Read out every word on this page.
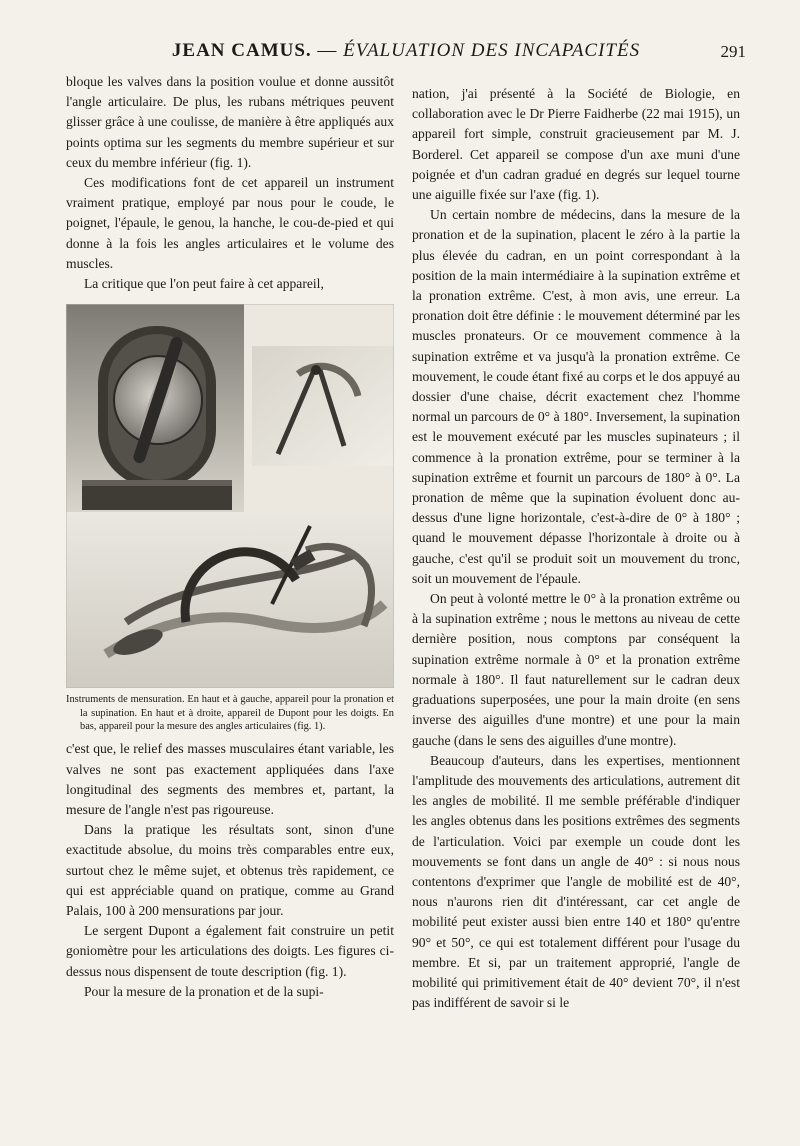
JEAN CAMUS. — ÉVALUATION DES INCAPACITÉS	291

bloque les valves dans la position voulue et donne aussitôt l'angle articulaire. De plus, les rubans métriques peuvent glisser grâce à une coulisse, de manière à être appliqués aux points optima sur les segments du membre supérieur et sur ceux du membre inférieur (fig. 1).

Ces modifications font de cet appareil un instrument vraiment pratique, employé par nous pour le coude, le poignet, l'épaule, le genou, la hanche, le cou-de-pied et qui donne à la fois les angles articulaires et le volume des muscles.

La critique que l'on peut faire à cet appareil,

Instruments de mensuration. En haut et à gauche, appareil pour la pronation et la supination. En haut et à droite, appareil de Dupont pour les doigts. En bas, appareil pour la mesure des angles articulaires (fig. 1).

c'est que, le relief des masses musculaires étant variable, les valves ne sont pas exactement appliquées dans l'axe longitudinal des segments des membres et, partant, la mesure de l'angle n'est pas rigoureuse.

Dans la pratique les résultats sont, sinon d'une exactitude absolue, du moins très comparables entre eux, surtout chez le même sujet, et obtenus très rapidement, ce qui est appréciable quand on pratique, comme au Grand Palais, 100 à 200 mensurations par jour.

Le sergent Dupont a également fait construire un petit goniomètre pour les articulations des doigts. Les figures ci-dessus nous dispensent de toute description (fig. 1).

Pour la mesure de la pronation et de la supi-

nation, j'ai présenté à la Société de Biologie, en collaboration avec le Dr Pierre Faidherbe (22 mai 1915), un appareil fort simple, construit gracieusement par M. J. Borderel. Cet appareil se compose d'un axe muni d'une poignée et d'un cadran gradué en degrés sur lequel tourne une aiguille fixée sur l'axe (fig. 1).

Un certain nombre de médecins, dans la mesure de la pronation et de la supination, placent le zéro à la partie la plus élevée du cadran, en un point correspondant à la position de la main intermédiaire à la supination extrême et la pronation extrême. C'est, à mon avis, une erreur. La pronation doit être définie : le mouvement déterminé par les muscles pronateurs. Or ce mouvement commence à la supination extrême et va jusqu'à la pronation extrême. Ce mouvement, le coude étant fixé au corps et le dos appuyé au dossier d'une chaise, décrit exactement chez l'homme normal un parcours de 0° à 180°. Inversement, la supination est le mouvement exécuté par les muscles supinateurs ; il commence à la pronation extrême, pour se terminer à la supination extrême et fournit un parcours de 180° à 0°. La pronation de même que la supination évoluent donc au-dessus d'une ligne horizontale, c'est-à-dire de 0° à 180° ; quand le mouvement dépasse l'horizontale à droite ou à gauche, c'est qu'il se produit soit un mouvement du tronc, soit un mouvement de l'épaule.

On peut à volonté mettre le 0° à la pronation extrême ou à la supination extrême ; nous le mettons au niveau de cette dernière position, nous comptons par conséquent la supination extrême normale à 0° et la pronation extrême normale à 180°. Il faut naturellement sur le cadran deux graduations superposées, une pour la main droite (en sens inverse des aiguilles d'une montre) et une pour la main gauche (dans le sens des aiguilles d'une montre).

Beaucoup d'auteurs, dans les expertises, mentionnent l'amplitude des mouvements des articulations, autrement dit les angles de mobilité. Il me semble préférable d'indiquer les angles obtenus dans les positions extrêmes des segments de l'articulation. Voici par exemple un coude dont les mouvements se font dans un angle de 40° : si nous nous contentons d'exprimer que l'angle de mobilité est de 40°, nous n'aurons rien dit d'intéressant, car cet angle de mobilité peut exister aussi bien entre 140 et 180° qu'entre 90° et 50°, ce qui est totalement différent pour l'usage du membre. Et si, par un traitement approprié, l'angle de mobilité qui primitivement était de 40° devient 70°, il n'est pas indifférent de savoir si le
